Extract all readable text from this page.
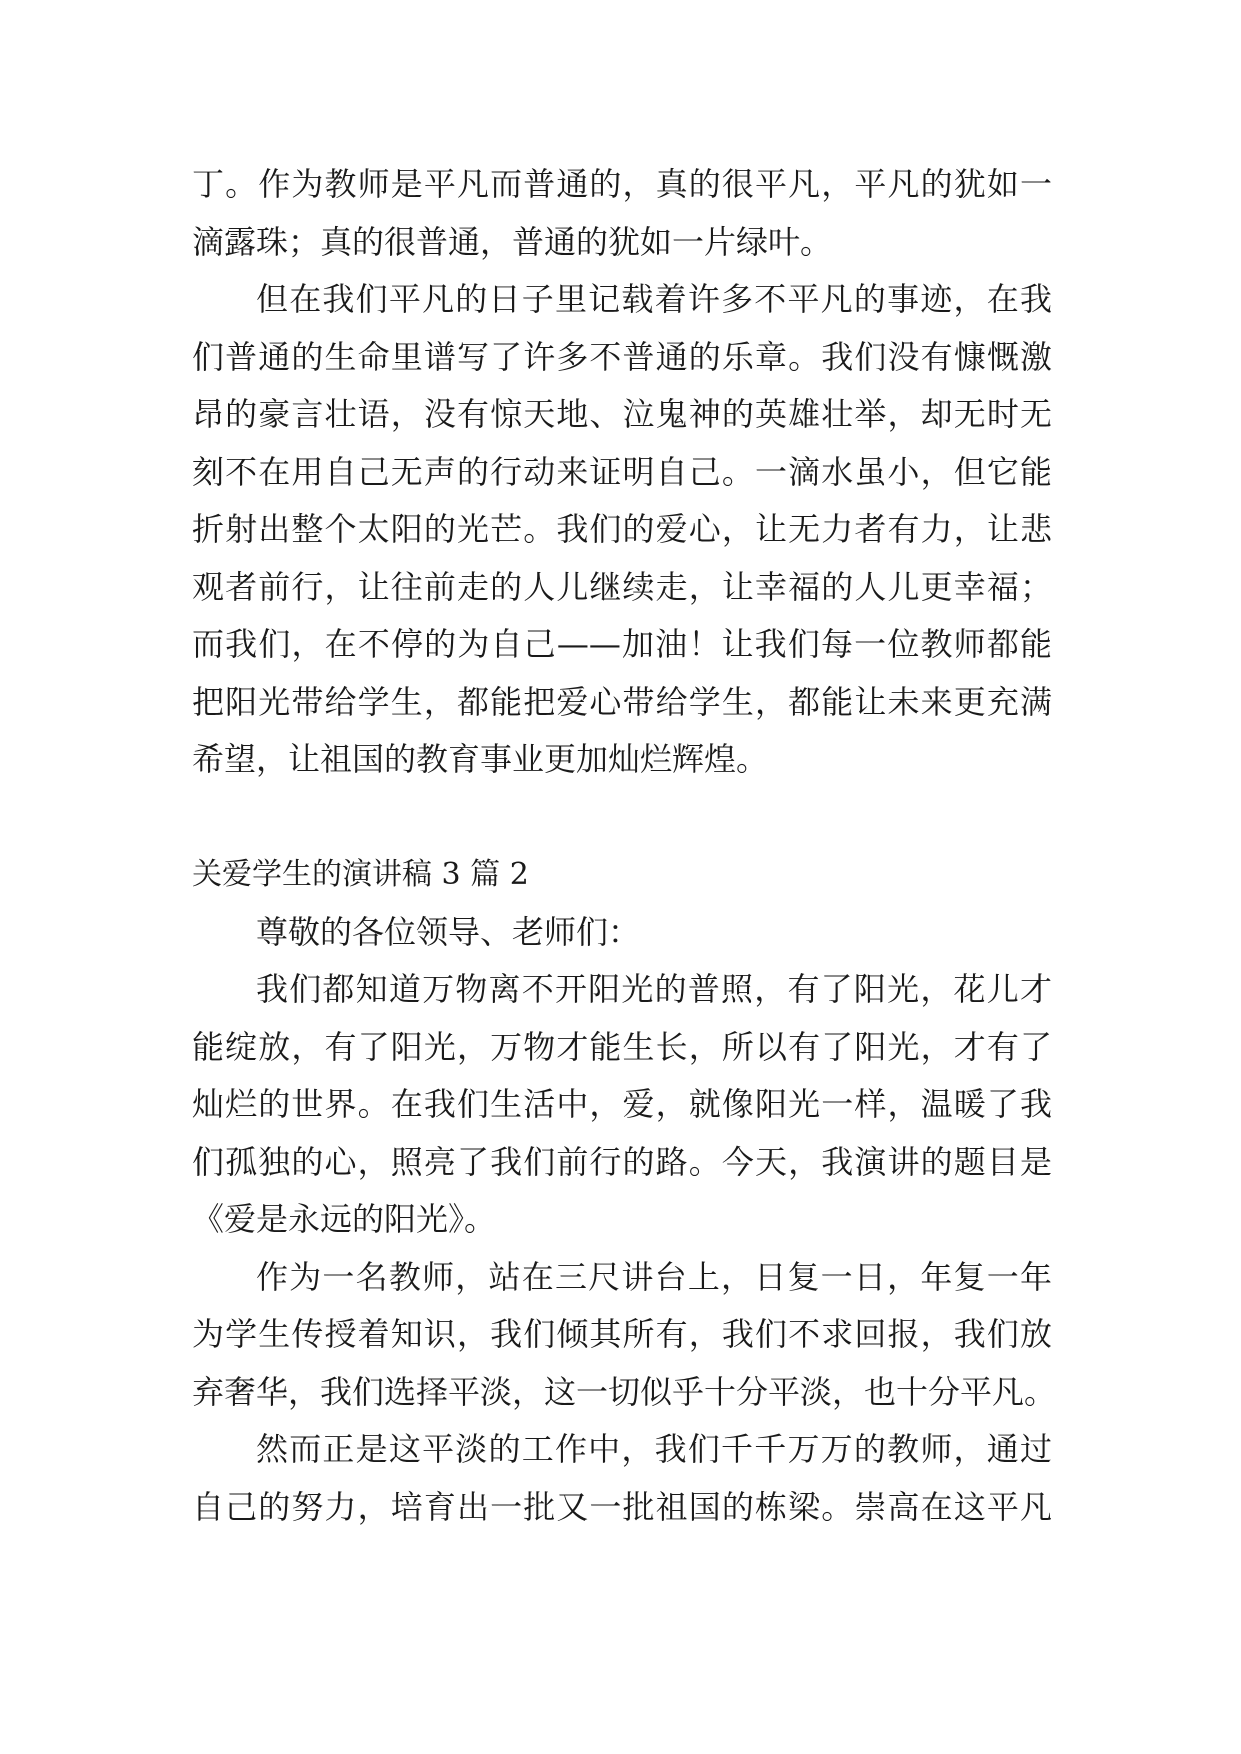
丁。作为教师是平凡而普通的，真的很平凡，平凡的犹如一
滴露珠；真的很普通，普通的犹如一片绿叶。
但在我们平凡的日子里记载着许多不平凡的事迹，在我
们普通的生命里谱写了许多不普通的乐章。我们没有慷慨激
昂的豪言壮语，没有惊天地、泣鬼神的英雄壮举，却无时无
刻不在用自己无声的行动来证明自己。一滴水虽小，但它能
折射出整个太阳的光芒。我们的爱心，让无力者有力，让悲
观者前行，让往前走的人儿继续走，让幸福的人儿更幸福；
而我们，在不停的为自己——加油！让我们每一位教师都能
把阳光带给学生，都能把爱心带给学生，都能让未来更充满
希望，让祖国的教育事业更加灿烂辉煌。
关爱学生的演讲稿 3 篇 2
尊敬的各位领导、老师们：
我们都知道万物离不开阳光的普照，有了阳光，花儿才
能绽放，有了阳光，万物才能生长，所以有了阳光，才有了
灿烂的世界。在我们生活中，爱，就像阳光一样，温暖了我
们孤独的心，照亮了我们前行的路。今天，我演讲的题目是
《爱是永远的阳光》。
作为一名教师，站在三尺讲台上，日复一日，年复一年
为学生传授着知识，我们倾其所有，我们不求回报，我们放
弃奢华，我们选择平淡，这一切似乎十分平淡，也十分平凡。
然而正是这平淡的工作中，我们千千万万的教师，通过
自己的努力，培育出一批又一批祖国的栋梁。崇高在这平凡
